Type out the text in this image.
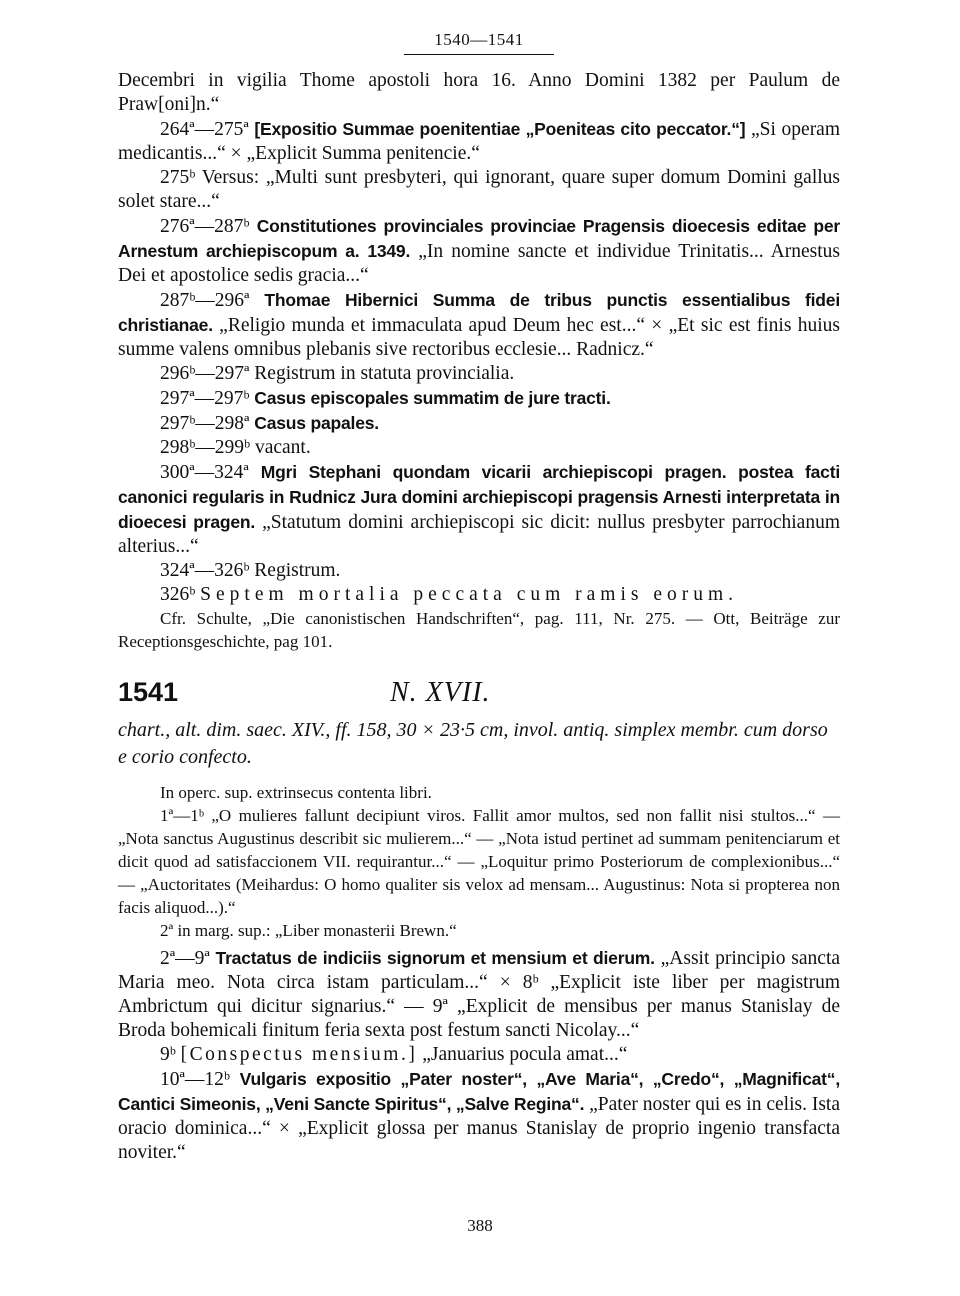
1540—1541
Decembri in vigilia Thome apostoli hora 16. Anno Domini 1382 per Paulum de Praw[oni]n.“
264ª—275ª [Expositio Summae poenitentiae „Poeniteas cito peccator.“] „Si operam medicantis...“ × „Explicit Summa penitencie.“
275ᵇ Versus: „Multi sunt presbyteri, qui ignorant, quare super domum Domini gallus solet stare...“
276ª—287ᵇ Constitutiones provinciales provinciae Pragensis dioecesis editae per Arnestum archiepiscopum a. 1349. „In nomine sancte et individue Trinitatis... Arnestus Dei et apostolice sedis gracia...“
287ᵇ—296ª Thomae Hibernici Summa de tribus punctis essentialibus fidei christianae. „Religio munda et immaculata apud Deum hec est...“ × „Et sic est finis huius summe valens omnibus plebanis sive rectoribus ecclesie... Radnicz.“
296ᵇ—297ª Registrum in statuta provincialia.
297ª—297ᵇ Casus episcopales summatim de jure tracti.
297ᵇ—298ª Casus papales.
298ᵇ—299ᵇ vacant.
300ª—324ª Mgri Stephani quondam vicarii archiepiscopi pragen. postea facti canonici regularis in Rudnicz Jura domini archiepiscopi pragensis Arnesti interpretata in dioecesi pragen. „Statutum domini archiepiscopi sic dicit: nullus presbyter parrochianum alterius...“
324ª—326ᵇ Registrum.
326ᵇ Septem mortalia peccata cum ramis eorum.
Cfr. Schulte, „Die canonistischen Handschriften“, pag. 111, Nr. 275. — Ott, Beiträge zur Receptionsgeschichte, pag 101.
1541	N. XVII.
chart., alt. dim. saec. XIV., ff. 158, 30 × 23·5 cm, invol. antiq. simplex membr. cum dorso e corio confecto.
In operc. sup. extrinsecus contenta libri.
1ª—1ᵇ „O mulieres fallunt decipiunt viros. Fallit amor multos, sed non fallit nisi stultos...“ — „Nota sanctus Augustinus describit sic mulierem...“ — „Nota istud pertinet ad summam penitenciarum et dicit quod ad satisfaccionem VII. requirantur...“ — „Loquitur primo Posteriorum de complexionibus...“ — „Auctoritates (Meihardus: O homo qualiter sis velox ad mensam... Augustinus: Nota si propterea non facis aliquod...).“
2ª in marg. sup.: „Liber monasterii Brewn.“
2ª—9ª Tractatus de indiciis signorum et mensium et dierum. „Assit principio sancta Maria meo. Nota circa istam particulam...“ × 8ᵇ „Explicit iste liber per magistrum Ambrictum qui dicitur signarius.“ — 9ª „Explicit de mensibus per manus Stanislay de Broda bohemicali finitum feria sexta post festum sancti Nicolay...“
9ᵇ [Conspectus mensium.] „Januarius pocula amat...“
10ª—12ᵇ Vulgaris expositio „Pater noster“, „Ave Maria“, „Credo“, „Magnificat“, Cantici Simeonis, „Veni Sancte Spiritus“, „Salve Regina“. „Pater noster qui es in celis. Ista oracio dominica...“ × „Explicit glossa per manus Stanislay de proprio ingenio transfacta noviter.“
388
